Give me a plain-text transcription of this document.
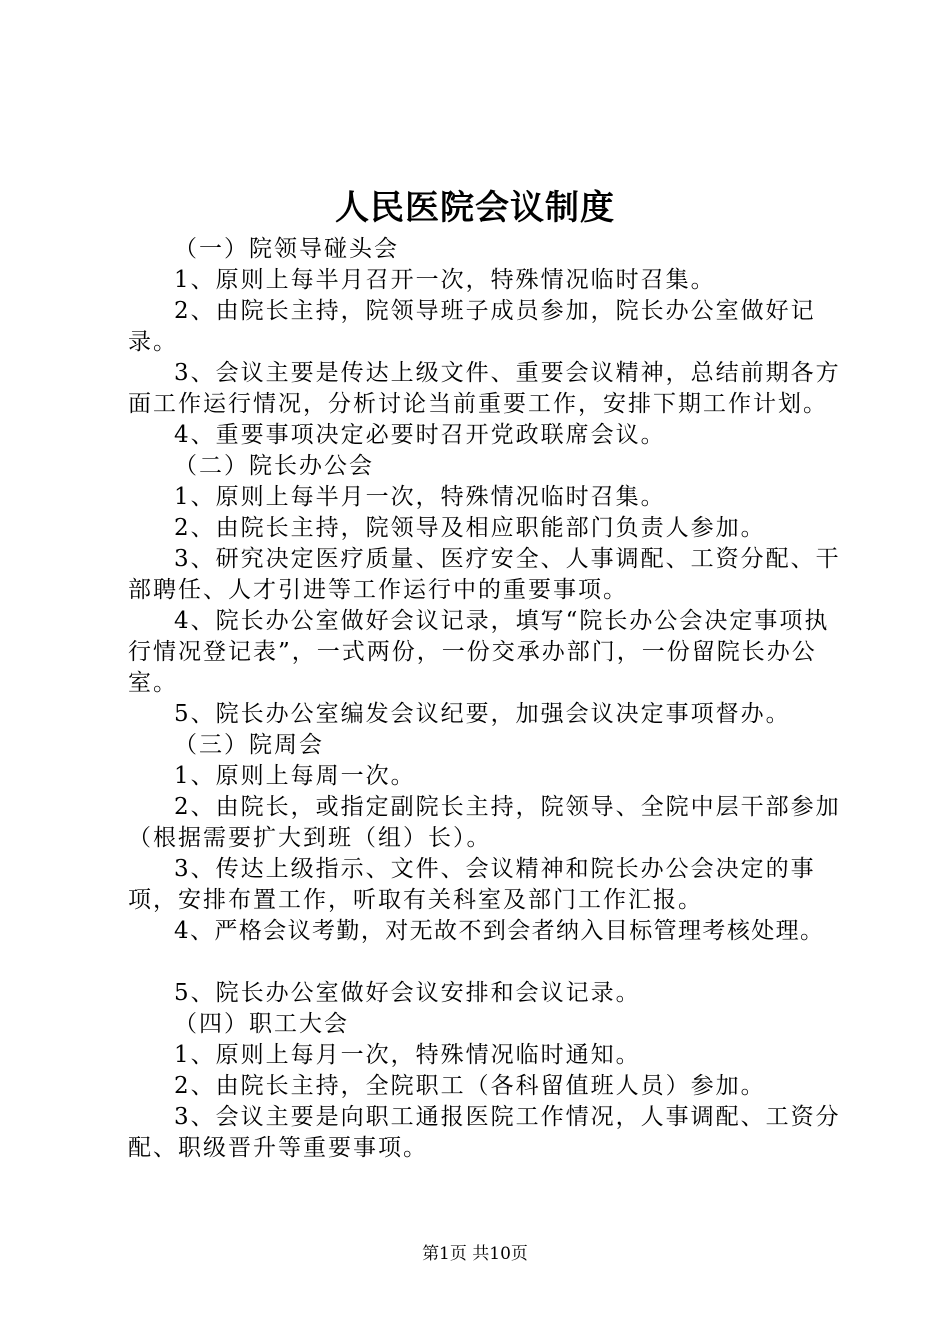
人民医院会议制度

（一）院领导碰头会

1、原则上每半月召开一次，特殊情况临时召集。

2、由院长主持，院领导班子成员参加，院长办公室做好记录。

3、会议主要是传达上级文件、重要会议精神，总结前期各方面工作运行情况，分析讨论当前重要工作，安排下期工作计划。

4、重要事项决定必要时召开党政联席会议。

（二）院长办公会

1、原则上每半月一次，特殊情况临时召集。

2、由院长主持，院领导及相应职能部门负责人参加。

3、研究决定医疗质量、医疗安全、人事调配、工资分配、干部聘任、人才引进等工作运行中的重要事项。

4、院长办公室做好会议记录，填写“院长办公会决定事项执行情况登记表”，一式两份，一份交承办部门，一份留院长办公室。

5、院长办公室编发会议纪要，加强会议决定事项督办。

（三）院周会

1、原则上每周一次。

2、由院长，或指定副院长主持，院领导、全院中层干部参加（根据需要扩大到班（组）长）。

3、传达上级指示、文件、会议精神和院长办公会决定的事项，安排布置工作，听取有关科室及部门工作汇报。

4、严格会议考勤，对无故不到会者纳入目标管理考核处理。

5、院长办公室做好会议安排和会议记录。

（四）职工大会

1、原则上每月一次，特殊情况临时通知。

2、由院长主持，全院职工（各科留值班人员）参加。

3、会议主要是向职工通报医院工作情况，人事调配、工资分配、职级晋升等重要事项。

第1页 共10页
